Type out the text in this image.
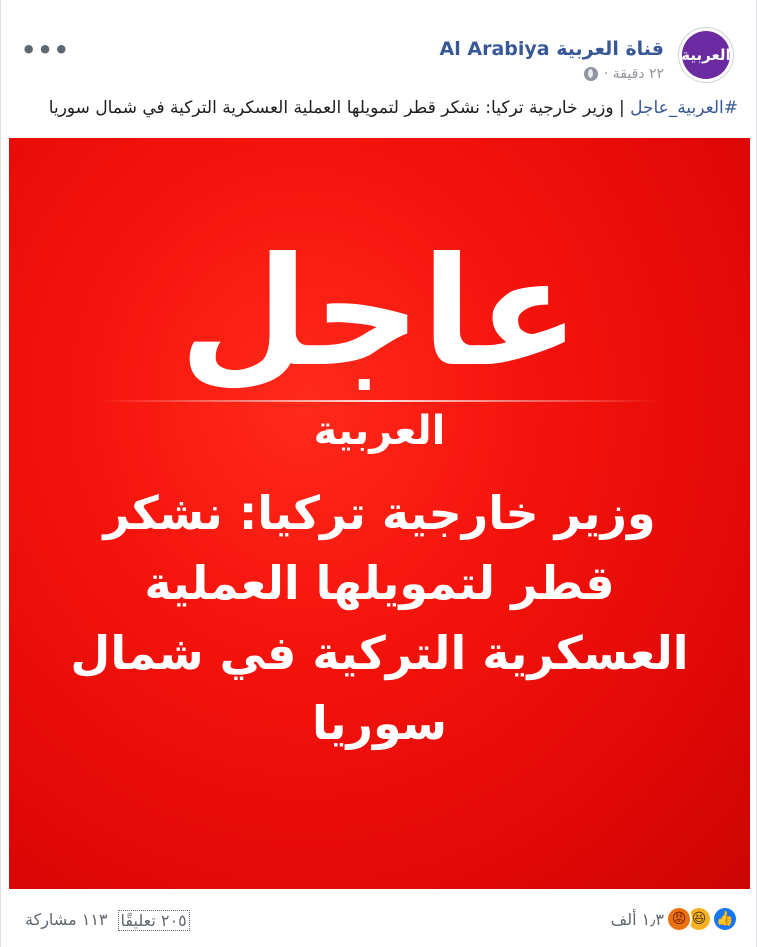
العربية
قناة العربية Al Arabiya
٢٢ دقيقة ·
•••
#العربية_عاجل | وزير خارجية تركيا: نشكر قطر لتمويلها العملية العسكرية التركية في شمال سوريا
عاجل
العربية
وزير خارجية تركيا: نشكر قطر لتمويلها العملية العسكرية التركية في شمال سوريا
👍
😆
😡
١٫٣ ألف
٢٠٥ تعليقًا
١١٣ مشاركة
